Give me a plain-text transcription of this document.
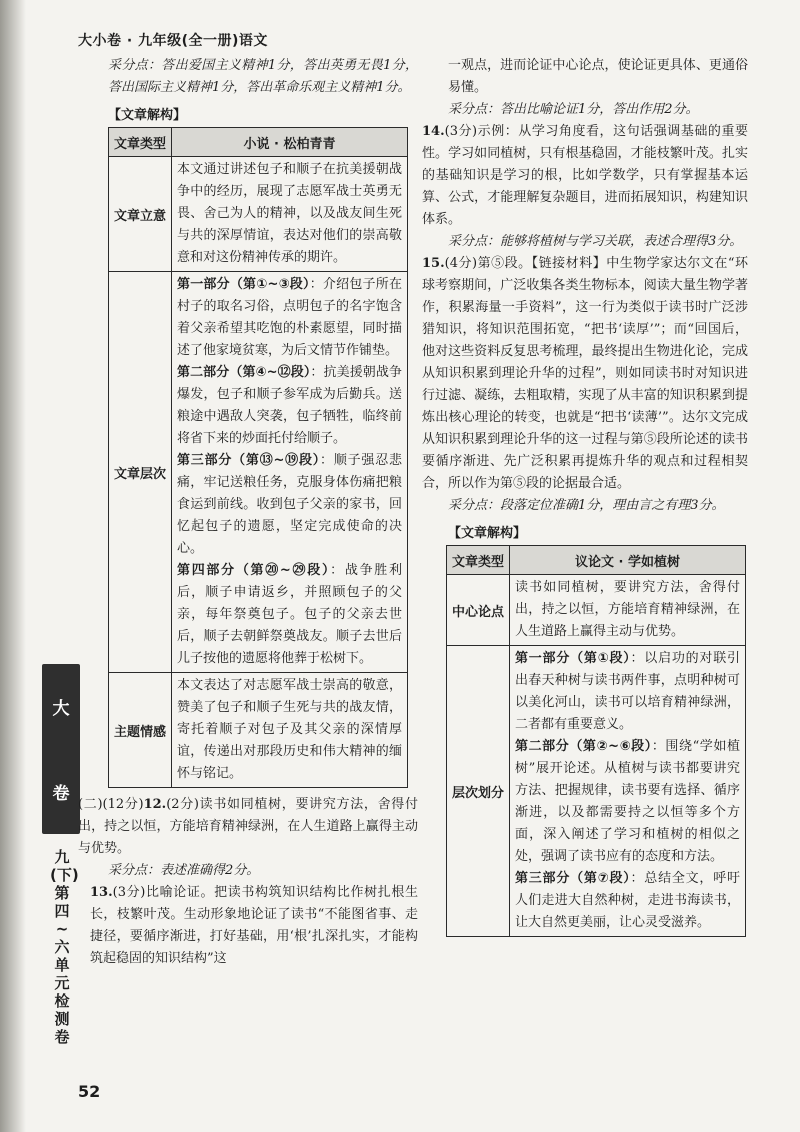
大小卷 · 九年级(全一册)语文
大
卷
九(下) 第四~六单元检测卷

采分点：答出爱国主义精神1分，答出英勇无畏1分，答出国际主义精神1分，答出革命乐观主义精神1分。

【文章解构】
文章类型	小说 · 松柏青青
文章立意	本文通过讲述包子和顺子在抗美援朝战争中的经历，展现了志愿军战士英勇无畏、舍己为人的精神，以及战友间生死与共的深厚情谊，表达对他们的崇高敬意和对这份精神传承的期许。
文章层次	第一部分（第①~③段）：介绍包子所在村子的取名习俗，点明包子的名字饱含着父亲希望其吃饱的朴素愿望，同时描述了他家境贫寒，为后文情节作铺垫。
第二部分（第④~⑫段）：抗美援朝战争爆发，包子和顺子参军成为后勤兵。送粮途中遇敌人突袭，包子牺牲，临终前将省下来的炒面托付给顺子。
第三部分（第⑬~⑲段）：顺子强忍悲痛，牢记送粮任务，克服身体伤痛把粮食运到前线。收到包子父亲的家书，回忆起包子的遗愿，坚定完成使命的决心。
第四部分（第⑳~㉙段）：战争胜利后，顺子申请返乡，并照顾包子的父亲，每年祭奠包子。包子的父亲去世后，顺子去朝鲜祭奠战友。顺子去世后儿子按他的遗愿将他葬于松树下。

主题情感	本文表达了对志愿军战士崇高的敬意，赞美了包子和顺子生死与共的战友情，寄托着顺子对包子及其父亲的深情厚谊，传递出对那段历史和伟大精神的缅怀与铭记。

(二)(12分)12.(2分)读书如同植树，要讲究方法，舍得付出，持之以恒，方能培育精神绿洲，在人生道路上赢得主动与优势。

采分点：表述准确得2分。

13.(3分)比喻论证。把读书构筑知识结构比作树扎根生长，枝繁叶茂。生动形象地论证了读书“不能图省事、走捷径，要循序渐进，打好基础，用‘根’扎深扎实，才能构筑起稳固的知识结构”这

一观点，进而论证中心论点，使论证更具体、更通俗易懂。

采分点：答出比喻论证1分，答出作用2分。

14.(3分)示例：从学习角度看，这句话强调基础的重要性。学习如同植树，只有根基稳固，才能枝繁叶茂。扎实的基础知识是学习的根，比如学数学，只有掌握基本运算、公式，才能理解复杂题目，进而拓展知识，构建知识体系。

采分点：能够将植树与学习关联，表述合理得3分。

15.(4分)第⑤段。【链接材料】中生物学家达尔文在“环球考察期间，广泛收集各类生物标本，阅读大量生物学著作，积累海量一手资料”，这一行为类似于读书时广泛涉猎知识，将知识范围拓宽，“把书‘读厚’”；而“回国后，他对这些资料反复思考梳理，最终提出生物进化论，完成从知识积累到理论升华的过程”，则如同读书时对知识进行过滤、凝练，去粗取精，实现了从丰富的知识积累到提炼出核心理论的转变，也就是“把书‘读薄’”。达尔文完成从知识积累到理论升华的这一过程与第⑤段所论述的读书要循序渐进、先广泛积累再提炼升华的观点和过程相契合，所以作为第⑤段的论据最合适。

采分点：段落定位准确1分，理由言之有理3分。

【文章解构】
文章类型	议论文 · 学如植树
中心论点	读书如同植树，要讲究方法，舍得付出，持之以恒，方能培育精神绿洲，在人生道路上赢得主动与优势。
层次划分	第一部分（第①段）：以启功的对联引出春天种树与读书两件事，点明种树可以美化河山，读书可以培育精神绿洲，二者都有重要意义。
第二部分（第②~⑥段）：围绕“学如植树”展开论述。从植树与读书都要讲究方法、把握规律，读书要有选择、循序渐进，以及都需要持之以恒等多个方面，深入阐述了学习和植树的相似之处，强调了读书应有的态度和方法。
第三部分（第⑦段）：总结全文，呼吁人们走进大自然种树，走进书海读书，让大自然更美丽，让心灵受滋养。
52
